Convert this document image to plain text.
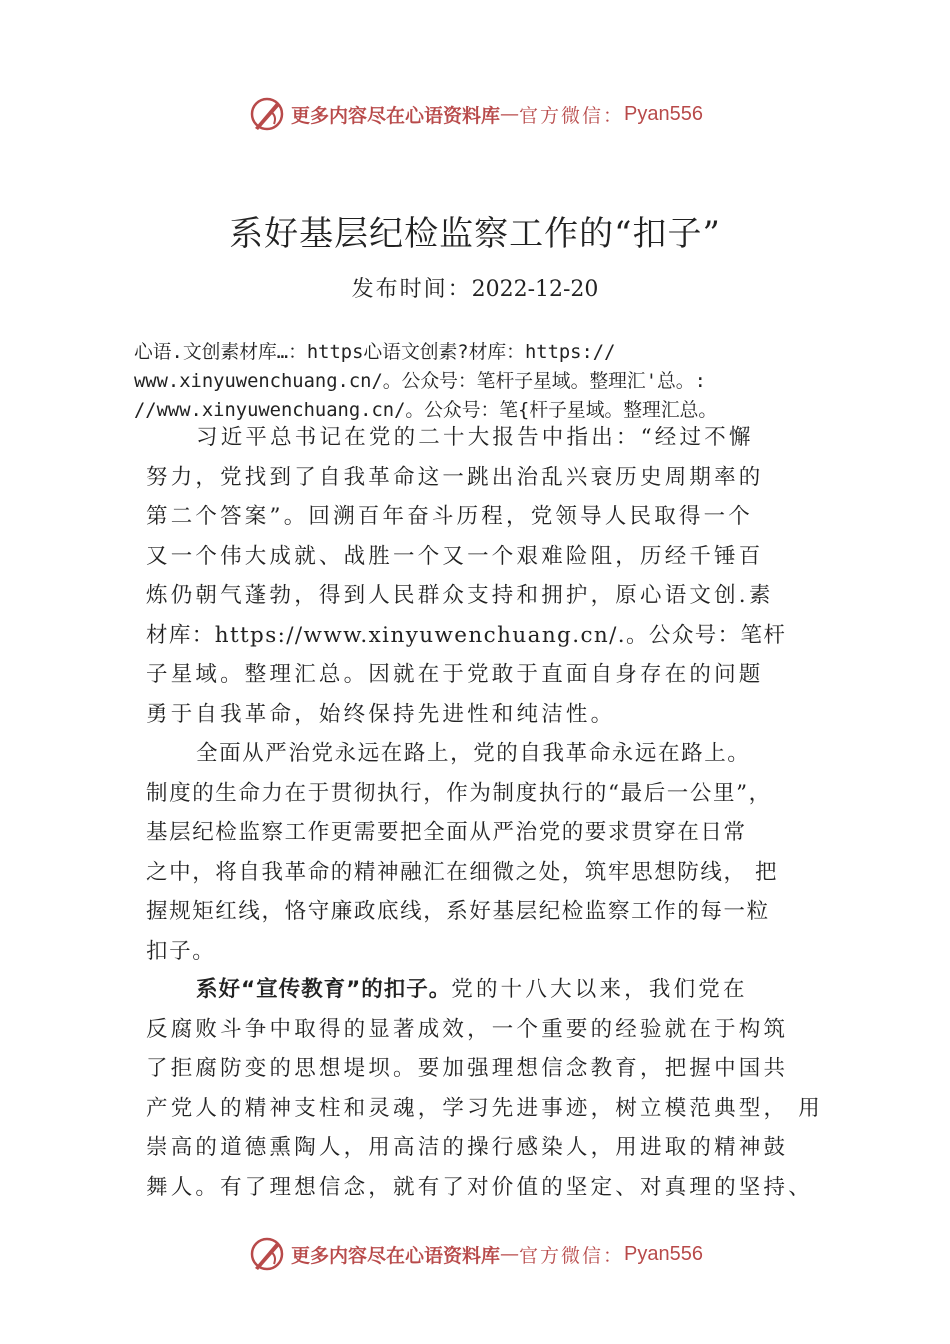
更多内容尽在心语资料库 — 官方微信： Pyan556
系好基层纪检监察工作的“扣子”
发布时间：2022-12-20
心语.文创素材库…：https心语文创素?材库：https://
www.xinyuwenchuang.cn/。公众号：笔杆子星域。整理汇'总。:
//www.xinyuwenchuang.cn/。公众号：笔{杆子星域。整理汇总。
习近平总书记在党的二十大报告中指出：“经过不懈
努力，党找到了自我革命这一跳出治乱兴衰历史周期率的
第二个答案”。回溯百年奋斗历程，党领导人民取得一个
又一个伟大成就、战胜一个又一个艰难险阻，历经千锤百
炼仍朝气蓬勃，得到人民群众支持和拥护，原心语文创.素
材库：https://www.xinyuwenchuang.cn/.。公众号：笔杆
子星域。整理汇总。因就在于党敢于直面自身存在的问题
勇于自我革命，始终保持先进性和纯洁性。
全面从严治党永远在路上，党的自我革命永远在路上。
制度的生命力在于贯彻执行，作为制度执行的“最后一公里”，
基层纪检监察工作更需要把全面从严治党的要求贯穿在日常
之中，将自我革命的精神融汇在细微之处，筑牢思想防线， 把
握规矩红线，恪守廉政底线，系好基层纪检监察工作的每一粒
扣子。
系好“宣传教育”的扣子。党的十八大以来，我们党在
反腐败斗争中取得的显著成效，一个重要的经验就在于构筑
了拒腐防变的思想堤坝。要加强理想信念教育，把握中国共
产党人的精神支柱和灵魂，学习先进事迹，树立模范典型， 用
崇高的道德熏陶人，用高洁的操行感染人，用进取的精神鼓
舞人。有了理想信念，就有了对价值的坚定、对真理的坚持、
更多内容尽在心语资料库 — 官方微信： Pyan556
